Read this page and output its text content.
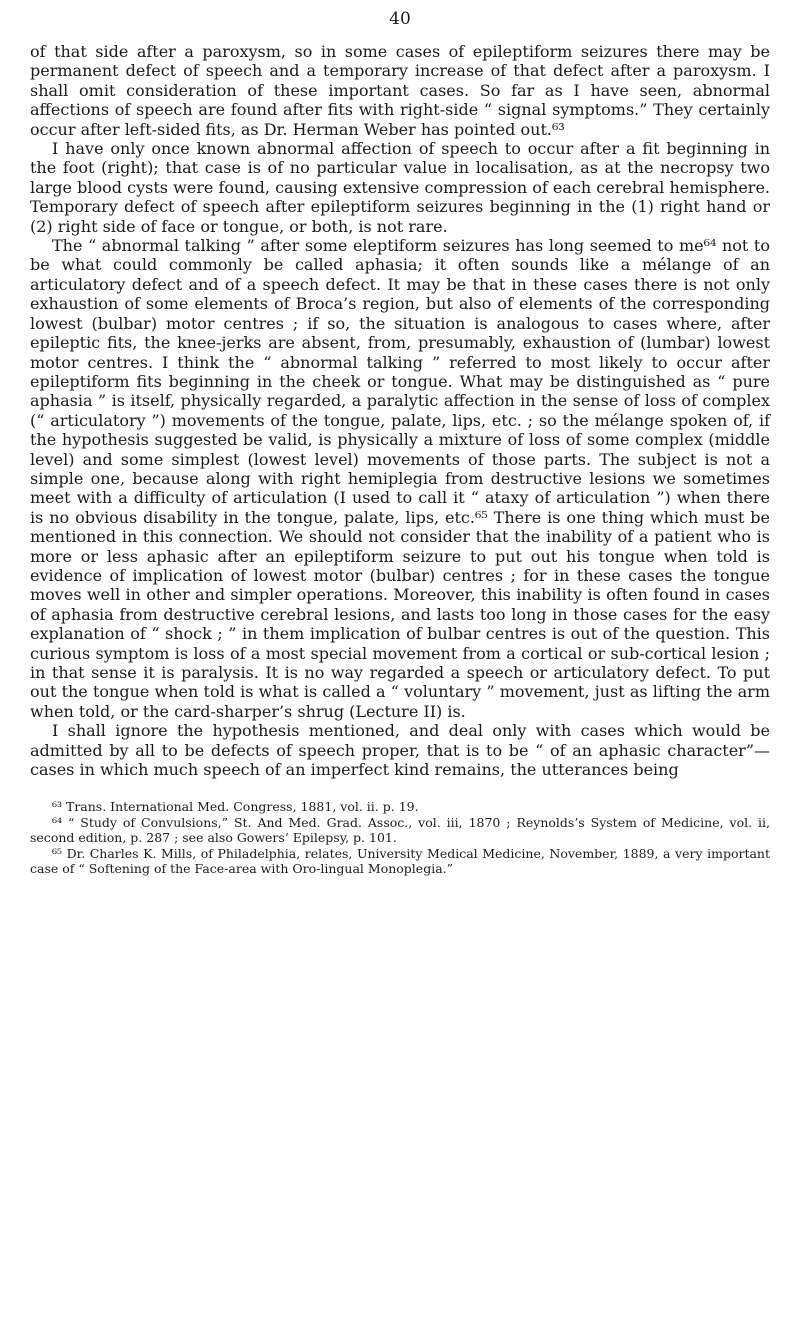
40

of that side after a paroxysm, so in some cases of epileptiform seizures there may be permanent defect of speech and a temporary increase of that defect after a paroxysm. I shall omit consideration of these important cases. So far as I have seen, abnormal affections of speech are found after fits with right-side “ signal symptoms.” They certainly occur after left-sided fits, as Dr. Herman Weber has pointed out.⁶³

I have only once known abnormal affection of speech to occur after a fit beginning in the foot (right); that case is of no particular value in localisation, as at the necropsy two large blood cysts were found, causing extensive compression of each cerebral hemisphere. Temporary defect of speech after epileptiform seizures beginning in the (1) right hand or (2) right side of face or tongue, or both, is not rare.

The “ abnormal talking ” after some eleptiform seizures has long seemed to me⁶⁴ not to be what could commonly be called aphasia; it often sounds like a mélange of an articulatory defect and of a speech defect. It may be that in these cases there is not only exhaustion of some elements of Broca’s region, but also of elements of the corresponding lowest (bulbar) motor centres ; if so, the situation is analogous to cases where, after epileptic fits, the knee-jerks are absent, from, presumably, exhaustion of (lumbar) lowest motor centres. I think the “ abnormal talking ” referred to most likely to occur after epileptiform fits beginning in the cheek or tongue. What may be distinguished as “ pure aphasia ” is itself, physically regarded, a paralytic affection in the sense of loss of complex (“ articulatory ”) movements of the tongue, palate, lips, etc. ; so the mélange spoken of, if the hypothesis suggested be valid, is physically a mixture of loss of some complex (middle level) and some simplest (lowest level) movements of those parts. The subject is not a simple one, because along with right hemiplegia from destructive lesions we sometimes meet with a difficulty of articulation (I used to call it “ ataxy of articulation ”) when there is no obvious disability in the tongue, palate, lips, etc.⁶⁵ There is one thing which must be mentioned in this connection. We should not consider that the inability of a patient who is more or less aphasic after an epileptiform seizure to put out his tongue when told is evidence of implication of lowest motor (bulbar) centres ; for in these cases the tongue moves well in other and simpler operations. Moreover, this inability is often found in cases of aphasia from destructive cerebral lesions, and lasts too long in those cases for the easy explanation of “ shock ; ” in them implication of bulbar centres is out of the question. This curious symptom is loss of a most special movement from a cortical or sub-cortical lesion ; in that sense it is paralysis. It is no way regarded a speech or articulatory defect. To put out the tongue when told is what is called a “ voluntary ” movement, just as lifting the arm when told, or the card-sharper’s shrug (Lecture II) is.

I shall ignore the hypothesis mentioned, and deal only with cases which would be admitted by all to be defects of speech proper, that is to be “ of an aphasic character”—cases in which much speech of an imperfect kind remains, the utterances being

⁶³ Trans. International Med. Congress, 1881, vol. ii. p. 19.

⁶⁴ “ Study of Convulsions,” St. And Med. Grad. Assoc., vol. iii, 1870 ; Reynolds’s System of Medicine, vol. ii, second edition, p. 287 ; see also Gowers’ Epilepsy, p. 101.

⁶⁵ Dr. Charles K. Mills, of Philadelphia, relates, University Medical Medicine, November, 1889, a very important case of “ Softening of the Face-area with Oro-lingual Monoplegia.”
